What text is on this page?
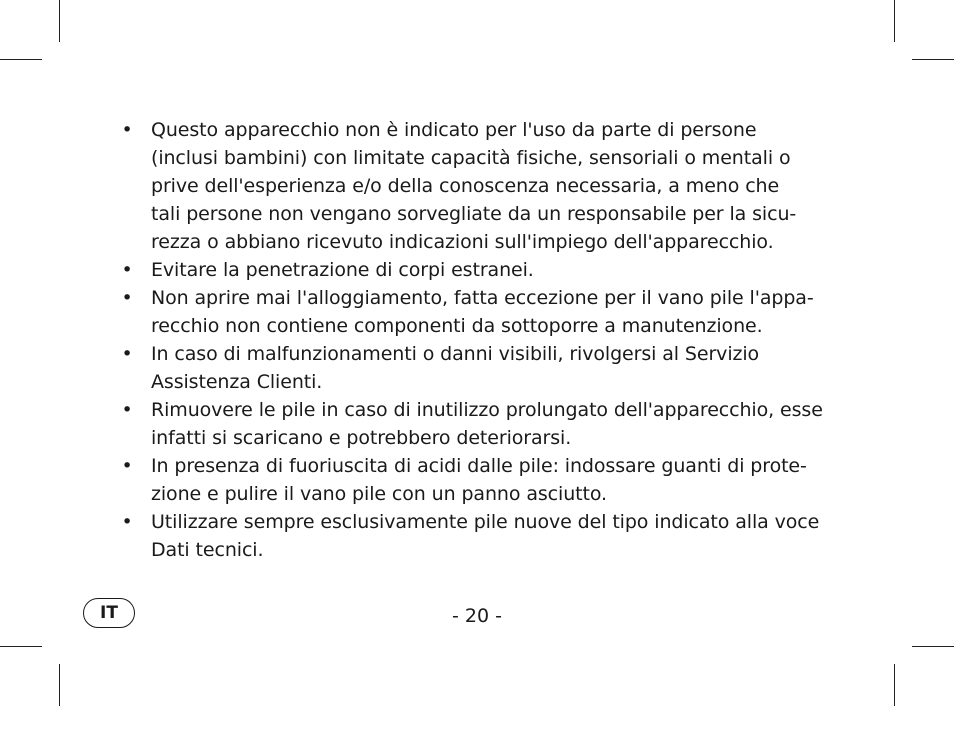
• Questo apparecchio non è indicato per l'uso da parte di persone
(inclusi bambini) con limitate capacità fisiche, sensoriali o mentali o
prive dell'esperienza e/o della conoscenza necessaria, a meno che
tali persone non vengano sorvegliate da un responsabile per la sicu-
rezza o abbiano ricevuto indicazioni sull'impiego dell'apparecchio.
• Evitare la penetrazione di corpi estranei.
• Non aprire mai l'alloggiamento, fatta eccezione per il vano pile l'appa-
recchio non contiene componenti da sottoporre a manutenzione.
• In caso di malfunzionamenti o danni visibili, rivolgersi al Servizio
Assistenza Clienti.
• Rimuovere le pile in caso di inutilizzo prolungato dell'apparecchio, esse
infatti si scaricano e potrebbero deteriorarsi.
• In presenza di fuoriuscita di acidi dalle pile: indossare guanti di prote-
zione e pulire il vano pile con un panno asciutto.
• Utilizzare sempre esclusivamente pile nuove del tipo indicato alla voce
Dati tecnici.
IT	- 20 -
